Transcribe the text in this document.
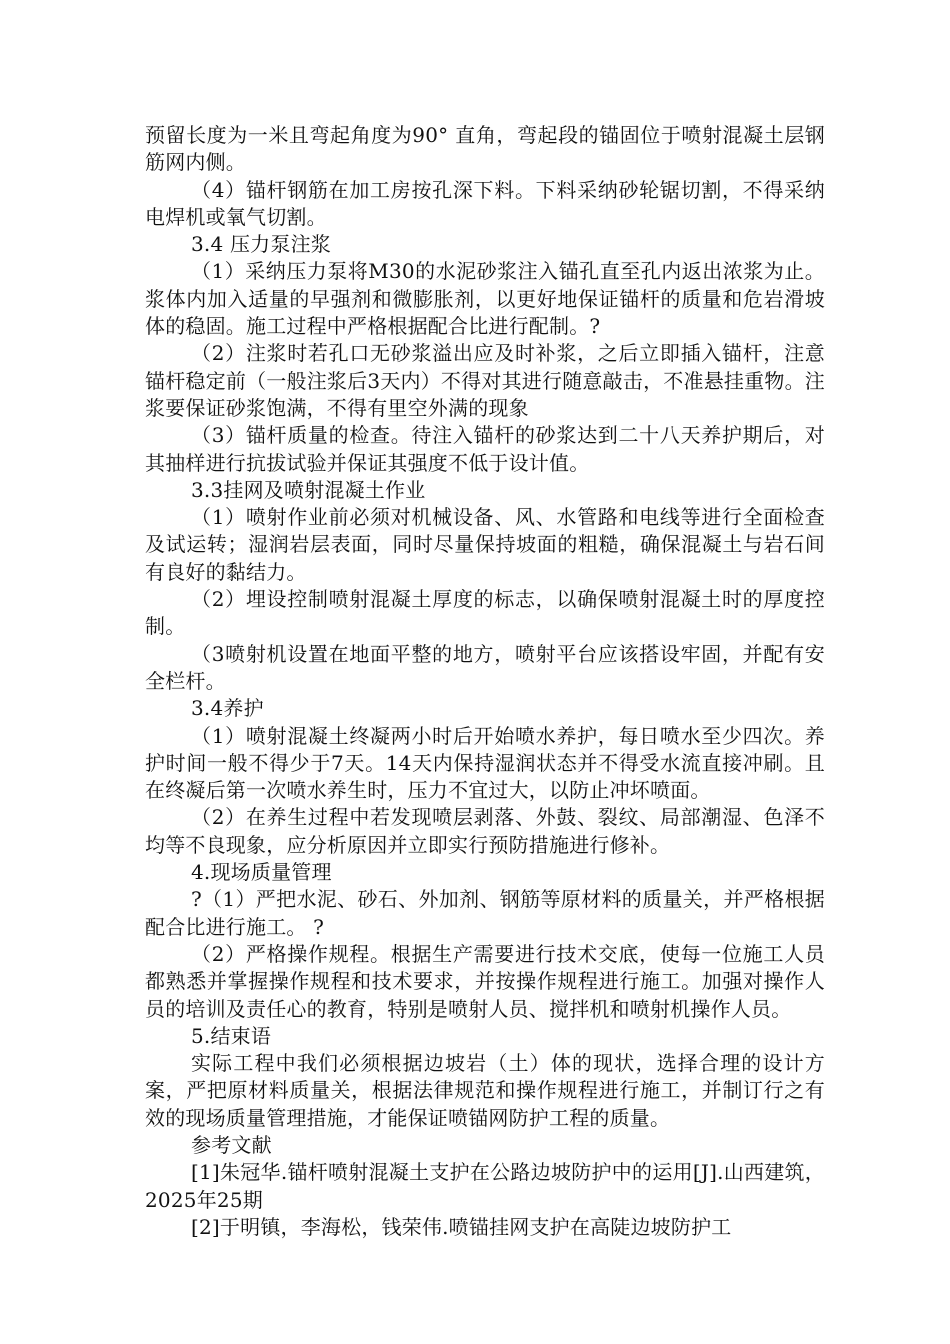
预留长度为一米且弯起角度为90° 直角，弯起段的锚固位于喷射混凝土层钢筋网内侧。

（4）锚杆钢筋在加工房按孔深下料。下料采纳砂轮锯切割，不得采纳电焊机或氧气切割。

3.4 压力泵注浆

（1）采纳压力泵将M30的水泥砂浆注入锚孔直至孔内返出浓浆为止。浆体内加入适量的早强剂和微膨胀剂，以更好地保证锚杆的质量和危岩滑坡体的稳固。施工过程中严格根据配合比进行配制。?

（2）注浆时若孔口无砂浆溢出应及时补浆，之后立即插入锚杆，注意锚杆稳定前（一般注浆后3天内）不得对其进行随意敲击，不准悬挂重物。注浆要保证砂浆饱满，不得有里空外满的现象

（3）锚杆质量的检查。待注入锚杆的砂浆达到二十八天养护期后，对其抽样进行抗拔试验并保证其强度不低于设计值。

3.3挂网及喷射混凝土作业

（1）喷射作业前必须对机械设备、风、水管路和电线等进行全面检查及试运转；湿润岩层表面，同时尽量保持坡面的粗糙，确保混凝土与岩石间有良好的黏结力。

（2）埋设控制喷射混凝土厚度的标志，以确保喷射混凝土时的厚度控制。

（3喷射机设置在地面平整的地方，喷射平台应该搭设牢固，并配有安全栏杆。

3.4养护

（1）喷射混凝土终凝两小时后开始喷水养护，每日喷水至少四次。养护时间一般不得少于7天。14天内保持湿润状态并不得受水流直接冲刷。且在终凝后第一次喷水养生时，压力不宜过大，以防止冲坏喷面。

（2）在养生过程中若发现喷层剥落、外鼓、裂纹、局部潮湿、色泽不均等不良现象，应分析原因并立即实行预防措施进行修补。

4.现场质量管理

?（1）严把水泥、砂石、外加剂、钢筋等原材料的质量关，并严格根据配合比进行施工。 ?

（2）严格操作规程。根据生产需要进行技术交底，使每一位施工人员都熟悉并掌握操作规程和技术要求，并按操作规程进行施工。加强对操作人员的培训及责任心的教育，特别是喷射人员、搅拌机和喷射机操作人员。

5.结束语

实际工程中我们必须根据边坡岩（土）体的现状，选择合理的设计方案，严把原材料质量关，根据法律规范和操作规程进行施工，并制订行之有效的现场质量管理措施，才能保证喷锚网防护工程的质量。

参考文献

[1]朱冠华.锚杆喷射混凝土支护在公路边坡防护中的运用[J].山西建筑，2025年25期

[2]于明镇，李海松，钱荣伟.喷锚挂网支护在高陡边坡防护工
